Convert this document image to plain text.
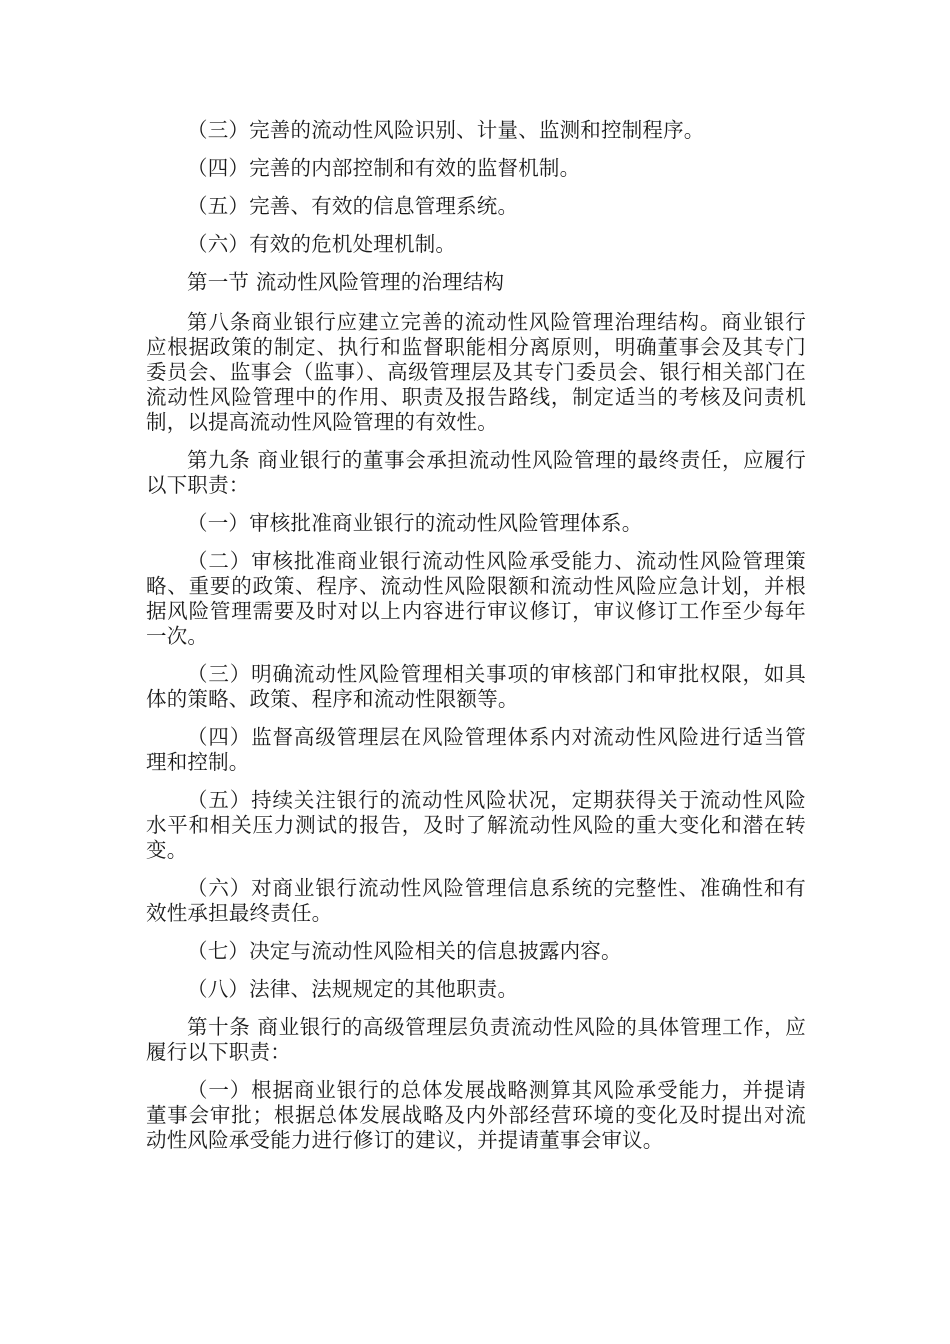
（三）完善的流动性风险识别、计量、监测和控制程序。

（四）完善的内部控制和有效的监督机制。

（五）完善、有效的信息管理系统。

（六）有效的危机处理机制。

第一节 流动性风险管理的治理结构

第八条商业银行应建立完善的流动性风险管理治理结构。商业银行应根据政策的制定、执行和监督职能相分离原则，明确董事会及其专门委员会、监事会（监事）、高级管理层及其专门委员会、银行相关部门在流动性风险管理中的作用、职责及报告路线，制定适当的考核及问责机制，以提高流动性风险管理的有效性。

第九条 商业银行的董事会承担流动性风险管理的最终责任，应履行以下职责：

（一）审核批准商业银行的流动性风险管理体系。

（二）审核批准商业银行流动性风险承受能力、流动性风险管理策略、重要的政策、程序、流动性风险限额和流动性风险应急计划，并根据风险管理需要及时对以上内容进行审议修订，审议修订工作至少每年一次。

（三）明确流动性风险管理相关事项的审核部门和审批权限，如具体的策略、政策、程序和流动性限额等。

（四）监督高级管理层在风险管理体系内对流动性风险进行适当管理和控制。

（五）持续关注银行的流动性风险状况，定期获得关于流动性风险水平和相关压力测试的报告，及时了解流动性风险的重大变化和潜在转变。

（六）对商业银行流动性风险管理信息系统的完整性、准确性和有效性承担最终责任。

（七）决定与流动性风险相关的信息披露内容。

（八）法律、法规规定的其他职责。

第十条 商业银行的高级管理层负责流动性风险的具体管理工作，应履行以下职责：

（一）根据商业银行的总体发展战略测算其风险承受能力，并提请董事会审批；根据总体发展战略及内外部经营环境的变化及时提出对流动性风险承受能力进行修订的建议，并提请董事会审议。
